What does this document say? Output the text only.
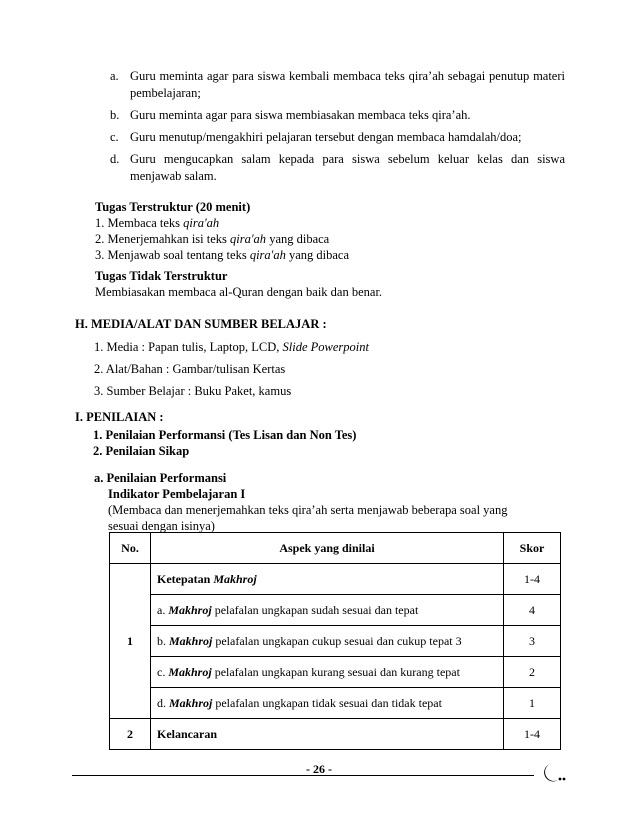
a. Guru meminta agar para siswa kembali membaca teks qira’ah sebagai penutup materi pembelajaran;
b. Guru meminta agar para siswa membiasakan membaca teks qira’ah.
c. Guru menutup/mengakhiri pelajaran tersebut dengan membaca hamdalah/doa;
d. Guru mengucapkan salam kepada para siswa sebelum keluar kelas dan siswa menjawab salam.
Tugas Terstruktur (20 menit)
1. Membaca teks qira'ah
2. Menerjemahkan isi teks qira'ah yang dibaca
3. Menjawab soal tentang teks qira'ah yang dibaca
Tugas Tidak Terstruktur
Membiasakan membaca al-Quran dengan baik dan benar.
H. MEDIA/ALAT DAN SUMBER BELAJAR :
1. Media : Papan tulis, Laptop, LCD, Slide Powerpoint
2. Alat/Bahan : Gambar/tulisan Kertas
3. Sumber Belajar : Buku Paket, kamus
I. PENILAIAN :
1. Penilaian Performansi (Tes Lisan dan Non Tes)
2. Penilaian Sikap
a. Penilaian Performansi
Indikator Pembelajaran I
(Membaca dan menerjemahkan teks qira’ah serta menjawab beberapa soal yang sesuai dengan isinya)
No.	Aspek yang dinilai	Skor
1	Ketepatan Makhroj	1-4
	a. Makhroj pelafalan ungkapan sudah sesuai dan tepat	4
	b. Makhroj pelafalan ungkapan cukup sesuai dan cukup tepat 3	3
	c. Makhroj pelafalan ungkapan kurang sesuai dan kurang tepat	2
	d. Makhroj pelafalan ungkapan tidak sesuai dan tidak tepat	1
2	Kelancaran	1-4
- 26 -
